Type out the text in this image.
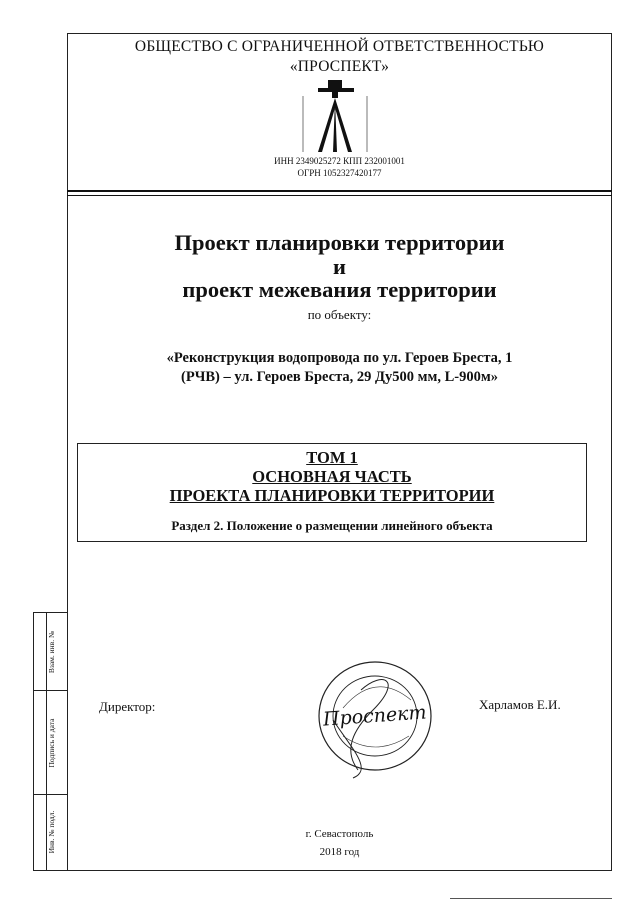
Взам. инв. №
Подпись и дата
Инв. № подл.
ОБЩЕСТВО С ОГРАНИЧЕННОЙ ОТВЕТСТВЕННОСТЬЮ
«ПРОСПЕКТ»
ИНН 2349025272 КПП 232001001
ОГРН 1052327420177
Проект планировки территории
и
проект межевания территории
по объекту:
«Реконструкция водопровода по ул. Героев Бреста, 1
(РЧВ) – ул. Героев Бреста, 29 Ду500 мм, L-900м»
ТОМ 1
ОСНОВНАЯ ЧАСТЬ
ПРОЕКТА ПЛАНИРОВКИ ТЕРРИТОРИИ
Раздел 2. Положение о размещении линейного объекта
Директор:	Харламов Е.И.
Проспект
г. Севастополь
2018 год
